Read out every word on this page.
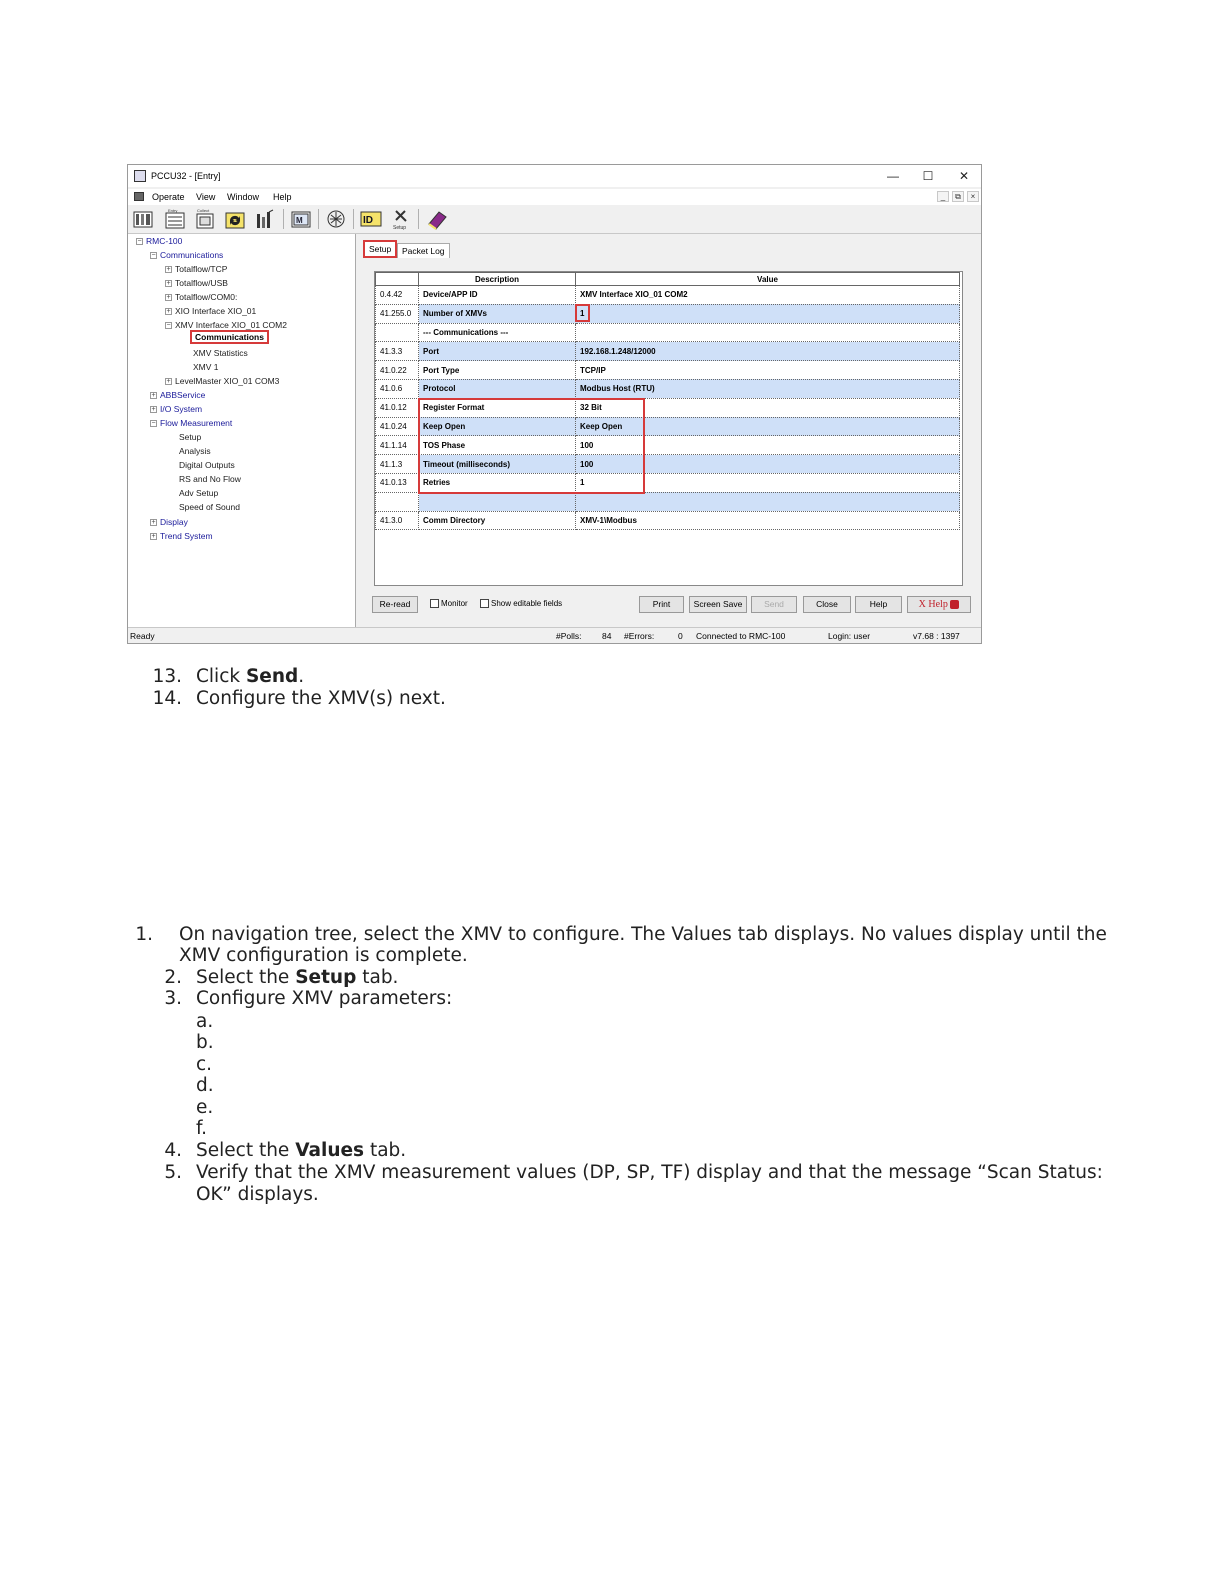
PCCU32 - [Entry]	— ☐ ✕
Operate View Window Help	_	⧉	×
Entry	Collect
M	ID
Setup
− RMC-100
− Communications
+ Totalflow/TCP
+ Totalflow/USB
+ Totalflow/COM0:
+ XIO Interface XIO_01
− XMV Interface XIO_01 COM2
Communications
XMV Statistics
XMV 1
+ LevelMaster XIO_01 COM3
+ ABBService
+ I/O System
− Flow Measurement
Setup
Analysis
Digital Outputs
RS and No Flow
Adv Setup
Speed of Sound
+ Display
+ Trend System
Setup	Packet Log
	Description	Value
0.4.42	Device/APP ID	XMV Interface XIO_01 COM2
41.255.0	Number of XMVs	1
	--- Communications ---	
41.3.3	Port	192.168.1.248/12000
41.0.22	Port Type	TCP/IP
41.0.6	Protocol	Modbus Host (RTU)
41.0.12	Register Format	32 Bit
41.0.24	Keep Open	Keep Open
41.1.14	TOS Phase	100
41.1.3	Timeout (milliseconds)	100
41.0.13	Retries	1

41.3.0	Comm Directory	XMV-1\Modbus
Re-read	Monitor	Show editable fields	Print	Screen Save	Send	Close	Help	X Help
Ready	#Polls: 84 #Errors:	0 Connected to RMC-100	Login: user	v7.68 : 1397
13. Click Send.
14. Configure the XMV(s) next.
1. On navigation tree, select the XMV to configure. The Values tab displays. No values display until the
XMV configuration is complete.
2. Select the Setup tab.
3. Configure XMV parameters:
a.
b.
c.
d.
e.
f.
4. Select the Values tab.
5. Verify that the XMV measurement values (DP, SP, TF) display and that the message “Scan Status:
OK” displays.
